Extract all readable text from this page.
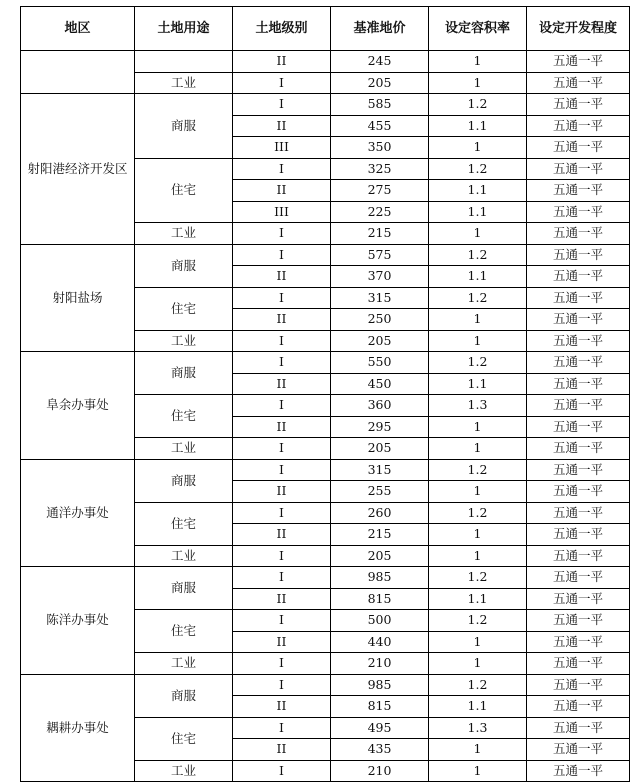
地区	土地用途	土地级别	基准地价	设定容积率	设定开发程度
		II	245	1	五通一平
	工业	I	205	1	五通一平
射阳港经济开发区	商服	I	585	1.2	五通一平
		II	455	1.1	五通一平
		III	350	1	五通一平
	住宅	I	325	1.2	五通一平
		II	275	1.1	五通一平
		III	225	1.1	五通一平
	工业	I	215	1	五通一平
射阳盐场	商服	I	575	1.2	五通一平
		II	370	1.1	五通一平
	住宅	I	315	1.2	五通一平
		II	250	1	五通一平
	工业	I	205	1	五通一平
阜余办事处	商服	I	550	1.2	五通一平
		II	450	1.1	五通一平
	住宅	I	360	1.3	五通一平
		II	295	1	五通一平
	工业	I	205	1	五通一平
通洋办事处	商服	I	315	1.2	五通一平
		II	255	1	五通一平
	住宅	I	260	1.2	五通一平
		II	215	1	五通一平
	工业	I	205	1	五通一平
陈洋办事处	商服	I	985	1.2	五通一平
		II	815	1.1	五通一平
	住宅	I	500	1.2	五通一平
		II	440	1	五通一平
	工业	I	210	1	五通一平
耦耕办事处	商服	I	985	1.2	五通一平
		II	815	1.1	五通一平
	住宅	I	495	1.3	五通一平
		II	435	1	五通一平
	工业	I	210	1	五通一平
